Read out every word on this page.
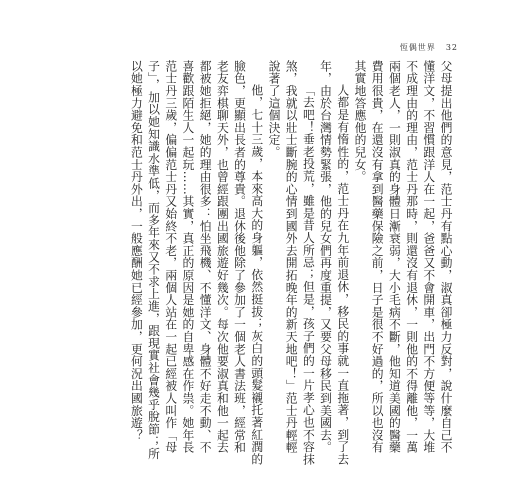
恆偶世界 32

父母提出他們的意見，范士丹有點心動，淑真卻極力反對，說什麼自己不懂洋文，不習慣跟洋人在一起，爸爸又不會開車，出門不方便等等，大堆不成理由的理由，范士丹那時，則還沒有退休，一則他的不得離他，一萬兩個老人，一則淑真的身體日漸衰弱，大小毛病不斷，他知道美國的醫藥費用很貴，在還沒有拿到醫藥保險之前，日子是很不好過的，所以也沒有其實地答應他的兒女。

人都是有惰性的，范士丹在九年前退休，移民的事就一直拖著，到了去年，由於台灣情勢緊張，他的兒女們再度重提，又要父母移民到美國去。

「去吧！垂老投荒，雖是昔人所忌；但是，孩子們的一片孝心也不容抹煞，我就以壯士斷腕的心情到國外去開拓晚年的新天地吧！」范士丹輕輕說著了這個決定。

他，七十三歲，本來高大的身軀，依然挺拔；灰白的頭髮襯托著紅潤的臉色，更顯出長者的尊貴。退休後他除了參加了一個老人書法班，經常和老友弈棋聊天外，也曾經跟團出國旅遊好幾次。每次他要淑真和他一起去都被她拒絕，她的理由很多：怕坐飛機、不懂洋文、身體不好走不動、不喜歡跟陌生人一起玩……其實，真正的原因是她的自卑感在作祟。她年長范士丹三歲，偏偏范士丹又始終不老，兩個人站在一起已經被人叫作「母子」，加以她知識水準低，而多年來又不求上進，跟現實社會幾乎脫節；所以她極力避免和范士丹外出，一般應酬她已經參加，更何況出國旅遊？
